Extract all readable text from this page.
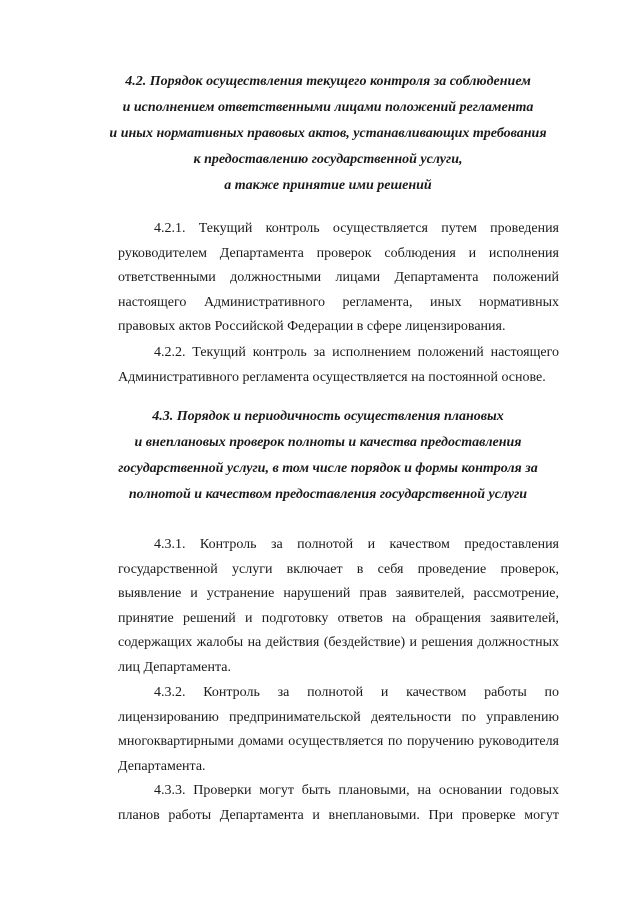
4.2. Порядок осуществления текущего контроля за соблюдением
и исполнением ответственными лицами положений регламента
и иных нормативных правовых актов, устанавливающих требования
к предоставлению государственной услуги,
а также принятие ими решений
4.2.1. Текущий контроль осуществляется путем проведения
руководителем Департамента проверок соблюдения и исполнения
ответственными должностными лицами Департамента положений
настоящего Административного регламента, иных нормативных
правовых актов Российской Федерации в сфере лицензирования.
4.2.2. Текущий контроль за исполнением положений настоящего
Административного регламента осуществляется на постоянной основе.
4.3. Порядок и периодичность осуществления плановых
и внеплановых проверок полноты и качества предоставления
государственной услуги, в том числе порядок и формы контроля за
полнотой и качеством предоставления государственной услуги
4.3.1. Контроль за полнотой и качеством предоставления
государственной услуги включает в себя проведение проверок,
выявление и устранение нарушений прав заявителей, рассмотрение,
принятие решений и подготовку ответов на обращения заявителей,
содержащих жалобы на действия (бездействие) и решения должностных
лиц Департамента.
4.3.2. Контроль за полнотой и качеством работы по
лицензированию предпринимательской деятельности по управлению
многоквартирными домами осуществляется по поручению руководителя
Департамента.
4.3.3. Проверки могут быть плановыми, на основании годовых
планов работы Департамента и внеплановыми. При проверке могут
